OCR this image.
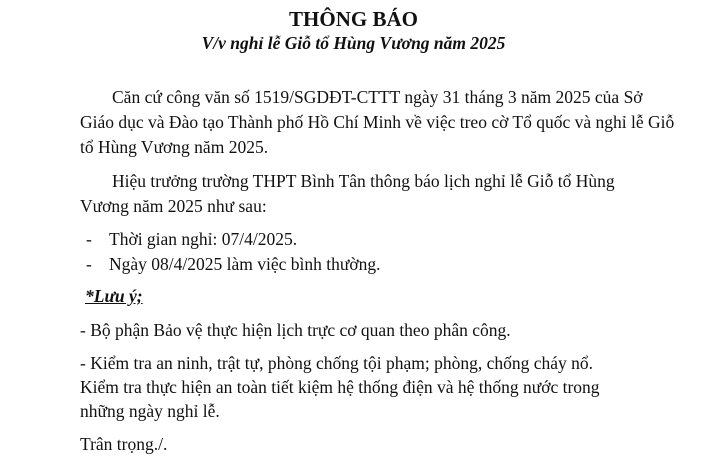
THÔNG BÁO
V/v nghỉ lễ Giỗ tổ Hùng Vương năm 2025
Căn cứ công văn số 1519/SGDĐT-CTTT ngày 31 tháng 3 năm 2025 của Sở
Giáo dục và Đào tạo Thành phố Hồ Chí Minh về việc treo cờ Tổ quốc và nghỉ lễ Giỗ
tổ Hùng Vương năm 2025.
Hiệu trưởng trường THPT Bình Tân thông báo lịch nghỉ lễ Giỗ tổ Hùng
Vương năm 2025 như sau:
- Thời gian nghỉ: 07/4/2025.
- Ngày 08/4/2025 làm việc bình thường.
*Lưu ý;
- Bộ phận Bảo vệ thực hiện lịch trực cơ quan theo phân công.
- Kiểm tra an ninh, trật tự, phòng chống tội phạm; phòng, chống cháy nổ.
Kiểm tra thực hiện an toàn tiết kiệm hệ thống điện và hệ thống nước trong
những ngày nghỉ lễ.
Trân trọng./.
